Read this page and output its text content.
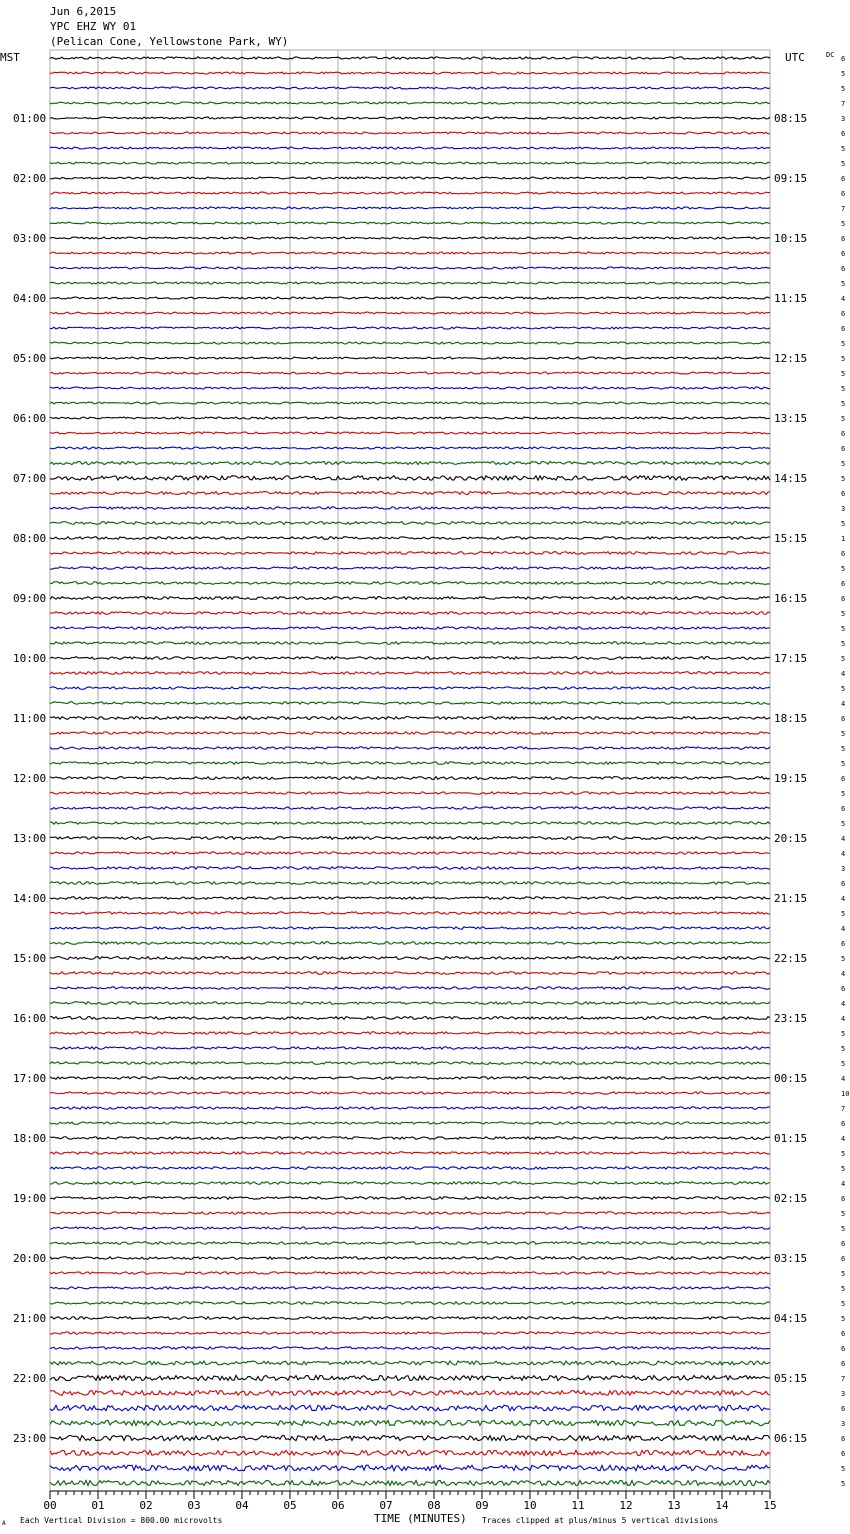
Jun 6,2015
YPC EHZ WY 01
(Pelican Cone, Yellowstone Park, WY)
01:00
02:00
03:00
04:00
05:00
06:00
07:00
08:00
09:00
10:00
11:00
12:00
13:00
14:00
15:00
16:00
17:00
18:00
19:00
20:00
21:00
22:00
23:00
08:15
09:15
10:15
11:15
12:15
13:15
14:15
15:15
16:15
17:15
18:15
19:15
20:15
21:15
22:15
23:15
00:15
01:15
02:15
03:15
04:15
05:15
06:15
6
5
5
7
3
6
5
5
6
6
7
5
6
6
6
5
4
6
6
5
5
5
5
5
5
6
6
5
5
6
3
5
1
6
5
6
6
5
5
5
5
4
5
4
6
5
5
5
6
5
6
5
4
4
3
6
4
5
4
6
5
4
6
4
4
5
5
5
4
10
7
6
4
5
5
4
6
5
5
6
6
5
5
5
5
6
6
6
7
3
6
3
6
6
5
5
00	01	02	03	04	05	06	07	08	09	10	11	12	13	14	15
MST	UTC	DC
TIME (MINUTES)
A Each Vertical Division = 800.00 microvolts	Traces clipped at plus/minus 5 vertical divisions
